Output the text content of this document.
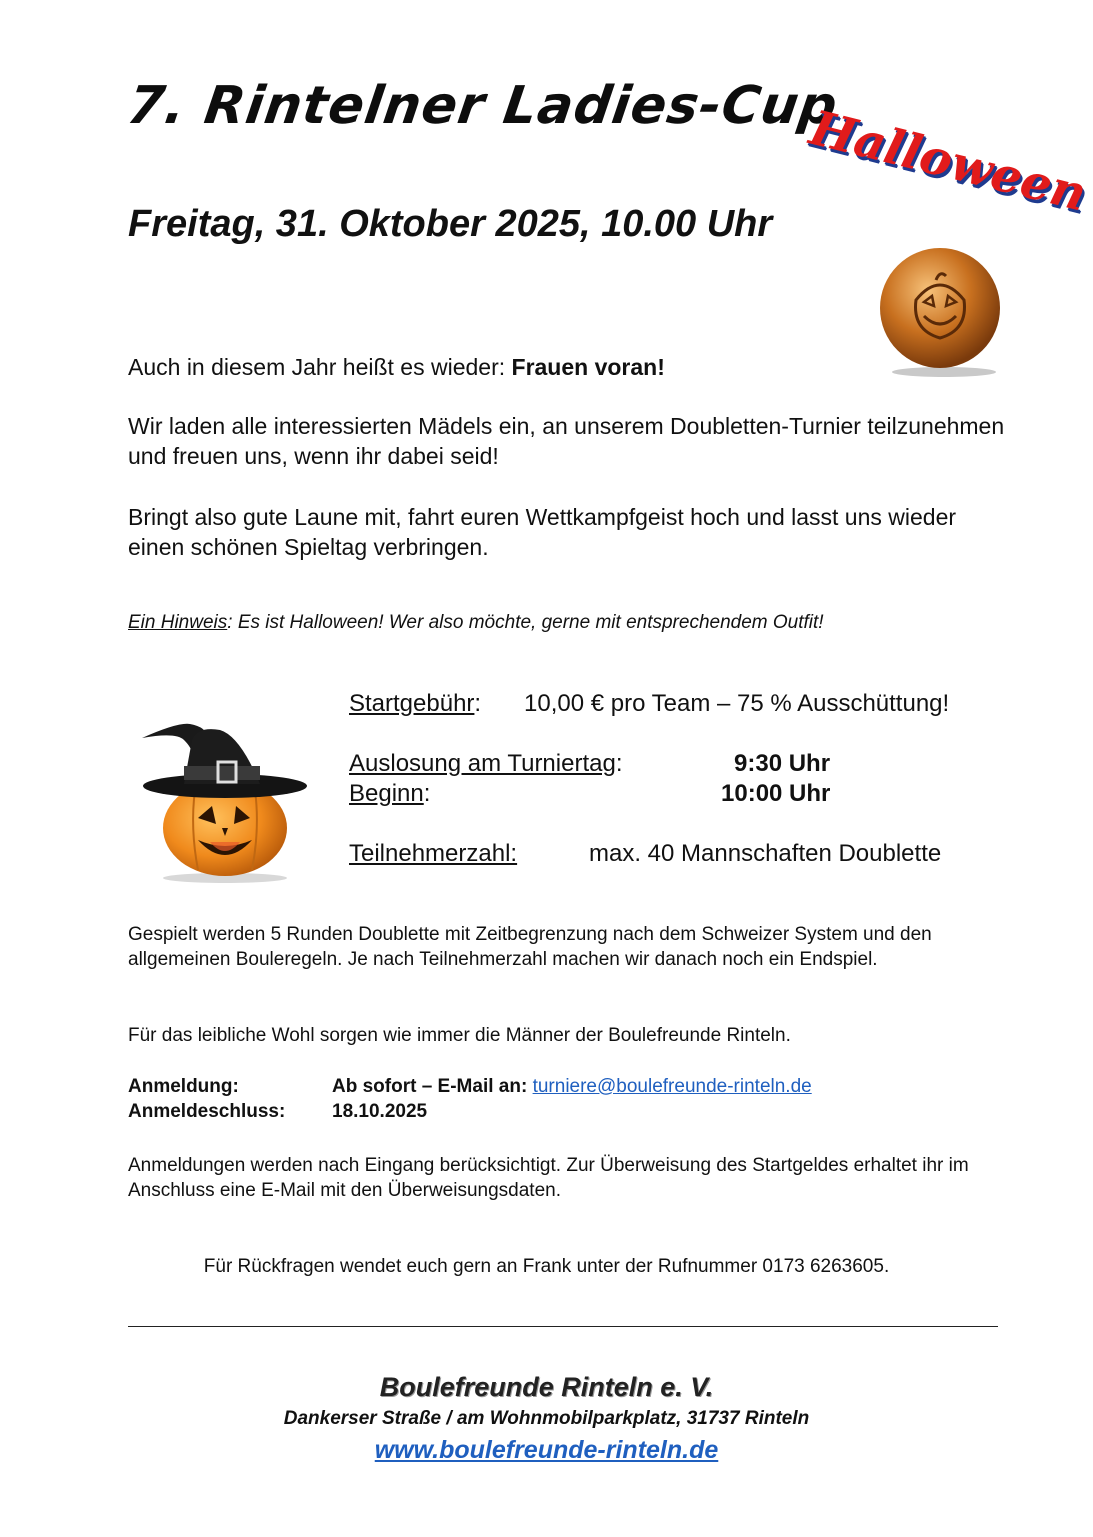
7. Rintelner Ladies-Cup
Halloween
Freitag, 31. Oktober 2025, 10.00 Uhr
Auch in diesem Jahr heißt es wieder: Frauen voran!
Wir laden alle interessierten Mädels ein, an unserem Doubletten-Turnier teilzunehmen und freuen uns, wenn ihr dabei seid!
Bringt also gute Laune mit, fahrt euren Wettkampfgeist hoch und lasst uns wieder einen schönen Spieltag verbringen.
Ein Hinweis: Es ist Halloween! Wer also möchte, gerne mit entsprechendem Outfit!
Startgebühr: 10,00 € pro Team – 75 % Ausschüttung!
Auslosung am Turniertag:	9:30 Uhr
Beginn:	10:00 Uhr
Teilnehmerzahl:	max. 40 Mannschaften Doublette
Gespielt werden 5 Runden Doublette mit Zeitbegrenzung nach dem Schweizer System und den allgemeinen Bouleregeln. Je nach Teilnehmerzahl machen wir danach noch ein Endspiel.
Für das leibliche Wohl sorgen wie immer die Männer der Boulefreunde Rinteln.
Anmeldung:	Ab sofort – E-Mail an: turniere@boulefreunde-rinteln.de
Anmeldeschluss: 18.10.2025
Anmeldungen werden nach Eingang berücksichtigt. Zur Überweisung des Startgeldes erhaltet ihr im Anschluss eine E-Mail mit den Überweisungsdaten.
Für Rückfragen wendet euch gern an Frank unter der Rufnummer 0173 6263605.
Boulefreunde Rinteln e. V.
Dankerser Straße / am Wohnmobilparkplatz, 31737 Rinteln
www.boulefreunde-rinteln.de
